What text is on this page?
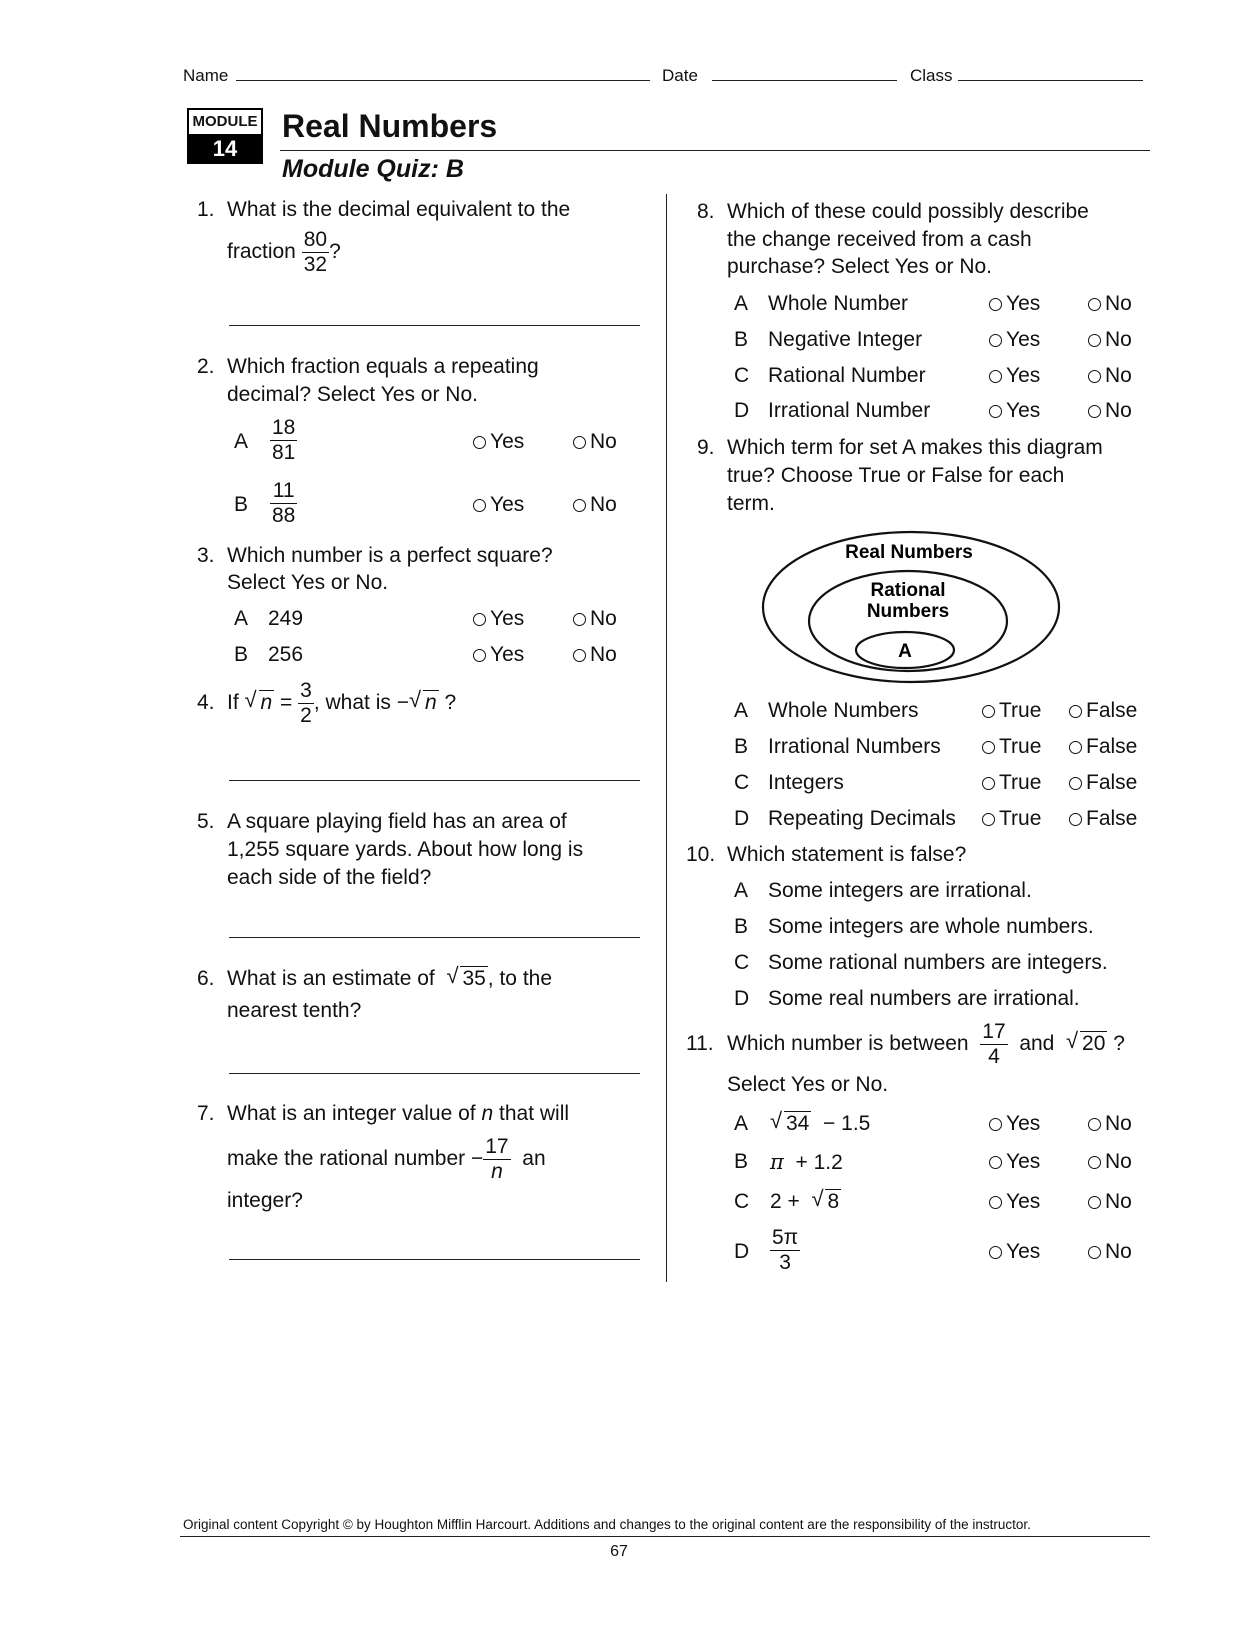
Name	Date	Class
MODULE
14
Real Numbers
Module Quiz: B
1. What is the decimal equivalent to the
fraction
$\frac{80}{32}$ ?
2. Which fraction equals a repeating
decimal? Select Yes or No.
A $\frac{18}{81}$	Yes	No
B $\frac{11}{88}$	Yes	No
3. Which number is a perfect square?
Select Yes or No.
A 249	Yes	No
B 256	Yes	No
4. If
√ n
=
$\frac{3}{2}$ , what is
− √ n
?
5. A square playing field has an area of
1,255 square yards. About how long is
each side of the field?
6. What is an estimate of √ 35, to the
nearest tenth?
7. What is an integer value of n that will
make the rational number
− $\frac{17}{n}$
an
integer?
8. Which of these could possibly describe
the change received from a cash
purchase? Select Yes or No.
A Whole Number	Yes	No
B Negative Integer	Yes	No
C Rational Number	Yes	No
D Irrational Number	Yes	No
9. Which term for set A makes this diagram
true? Choose True or False for each
term.
Real Numbers
Rational
Numbers
A
A Whole Numbers	True	False
B Irrational Numbers	True	False
C Integers	True	False
D Repeating Decimals	True	False
10. Which statement is false?
A Some integers are irrational.
B Some integers are whole numbers.
C Some rational numbers are integers.
D Some real numbers are irrational.
11. Which number is between
$\frac{17}{4}$
and
√ 20
?
Select Yes or No.
A √ 34 − 1.5	Yes	No
B π + 1.2	Yes	No
C 2 + √ 8	Yes	No
D $\frac{5\pi}{3}$	Yes	No
Original content Copyright © by Houghton Mifflin Harcourt. Additions and changes to the original content are the responsibility of the instructor.
67
